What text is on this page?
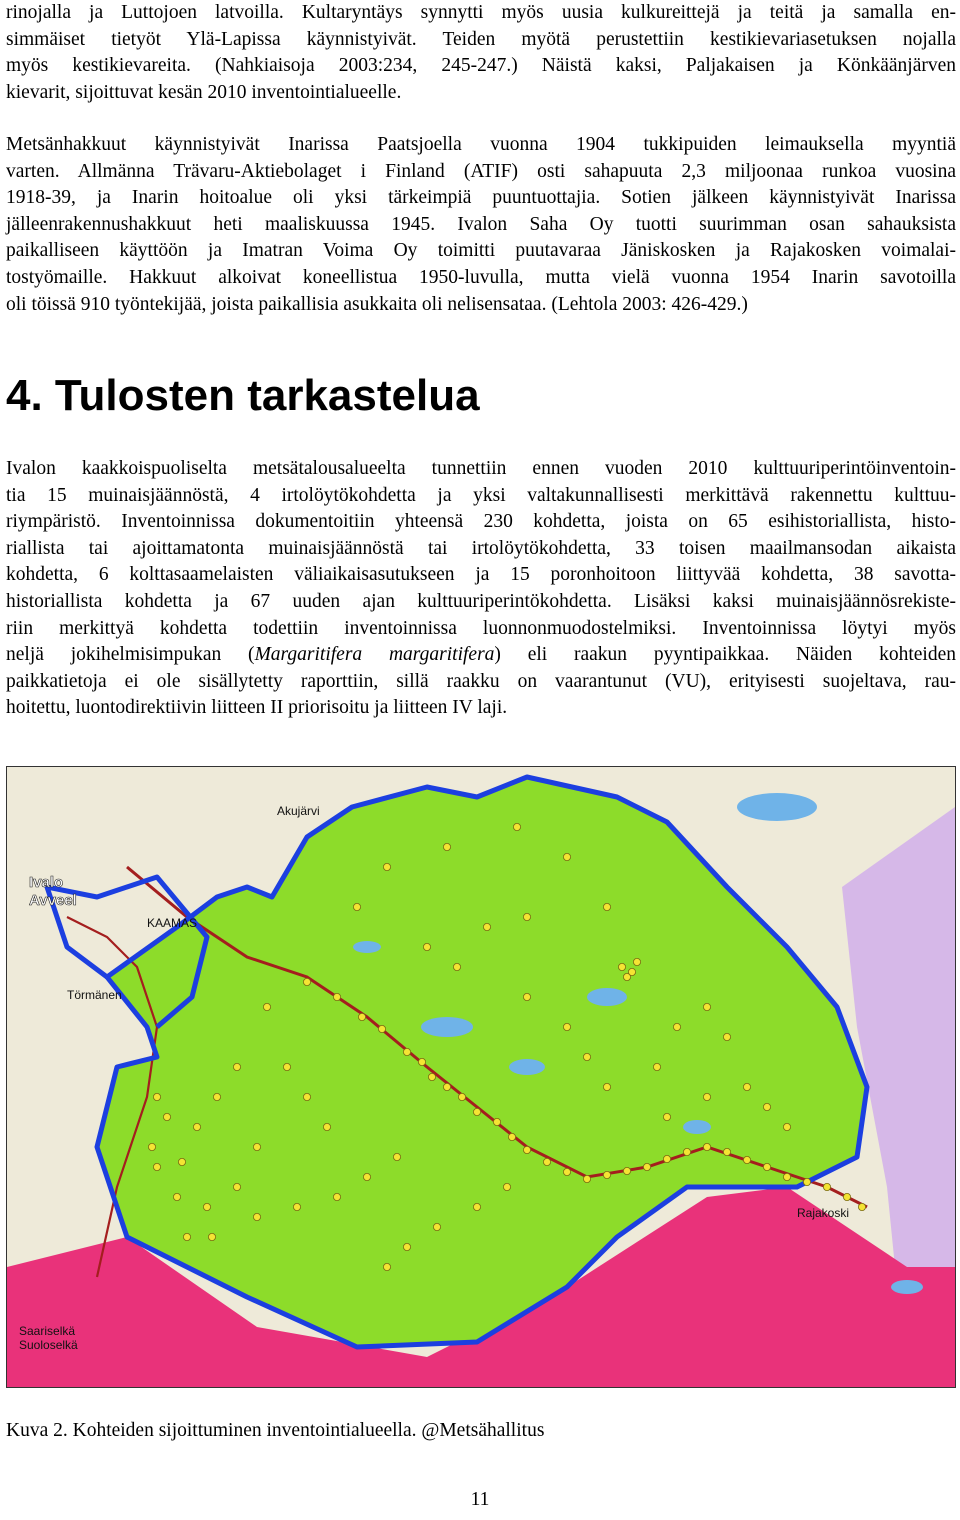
rinojalla ja Luttojoen latvoilla. Kultaryntäys synnytti myös uusia kulkureittejä ja teitä ja samalla en-
simmäiset tietyöt Ylä-Lapissa käynnistyivät. Teiden myötä perustettiin kestikievariasetuksen nojalla
myös kestikievareita. (Nahkiaisoja 2003:234, 245-247.) Näistä kaksi, Paljakaisen ja Könkäänjärven
kievarit, sijoittuvat kesän 2010 inventointialueelle.
Metsänhakkuut käynnistyivät Inarissa Paatsjoella vuonna 1904 tukkipuiden leimauksella myyntiä
varten. Allmänna Trävaru-Aktiebolaget i Finland (ATIF) osti sahapuuta 2,3 miljoonaa runkoa vuosina
1918-39, ja Inarin hoitoalue oli yksi tärkeimpiä puuntuottajia. Sotien jälkeen käynnistyivät Inarissa
jälleenrakennushakkuut heti maaliskuussa 1945. Ivalon Saha Oy tuotti suurimman osan sahauksista
paikalliseen käyttöön ja Imatran Voima Oy toimitti puutavaraa Jäniskosken ja Rajakosken voimalai-
tostyömaille. Hakkuut alkoivat koneellistua 1950-luvulla, mutta vielä vuonna 1954 Inarin savotoilla
oli töissä 910 työntekijää, joista paikallisia asukkaita oli nelisensataa. (Lehtola 2003: 426-429.)
4. Tulosten tarkastelua
Ivalon kaakkoispuoliselta metsätalousalueelta tunnettiin ennen vuoden 2010 kulttuuriperintöinventoin-
tia 15 muinaisjäännöstä, 4 irtolöytökohdetta ja yksi valtakunnallisesti merkittävä rakennettu kulttuu-
riympäristö. Inventoinnissa dokumentoitiin yhteensä 230 kohdetta, joista on 65 esihistoriallista, histo-
riallista tai ajoittamatonta muinaisjäännöstä tai irtolöytökohdetta, 33 toisen maailmansodan aikaista
kohdetta, 6 kolttasaamelaisten väliaikaisasutukseen ja 15 poronhoitoon liittyvää kohdetta, 38 savotta-
historiallista kohdetta ja 67 uuden ajan kulttuuriperintökohdetta. Lisäksi kaksi muinaisjäännösrekiste-
riin merkittyä kohdetta todettiin inventoinnissa luonnonmuodostelmiksi. Inventoinnissa löytyi myös
neljä jokihelmisimpukan (Margaritifera margaritifera) eli raakun pyyntipaikkaa. Näiden kohteiden
paikkatietoja ei ole sisällytetty raporttiin, sillä raakku on vaarantunut (VU), erityisesti suojeltava, rau-
hoitettu, luontodirektiivin liitteen II priorisoitu ja liitteen IV laji.
Ivalo
Avveel
Törmänen
Akujärvi
KAAMAS
Saariselkä
Suoloselkä
Rajakoski

Kuva 2. Kohteiden sijoittuminen inventointialueella. @Metsähallitus

11
